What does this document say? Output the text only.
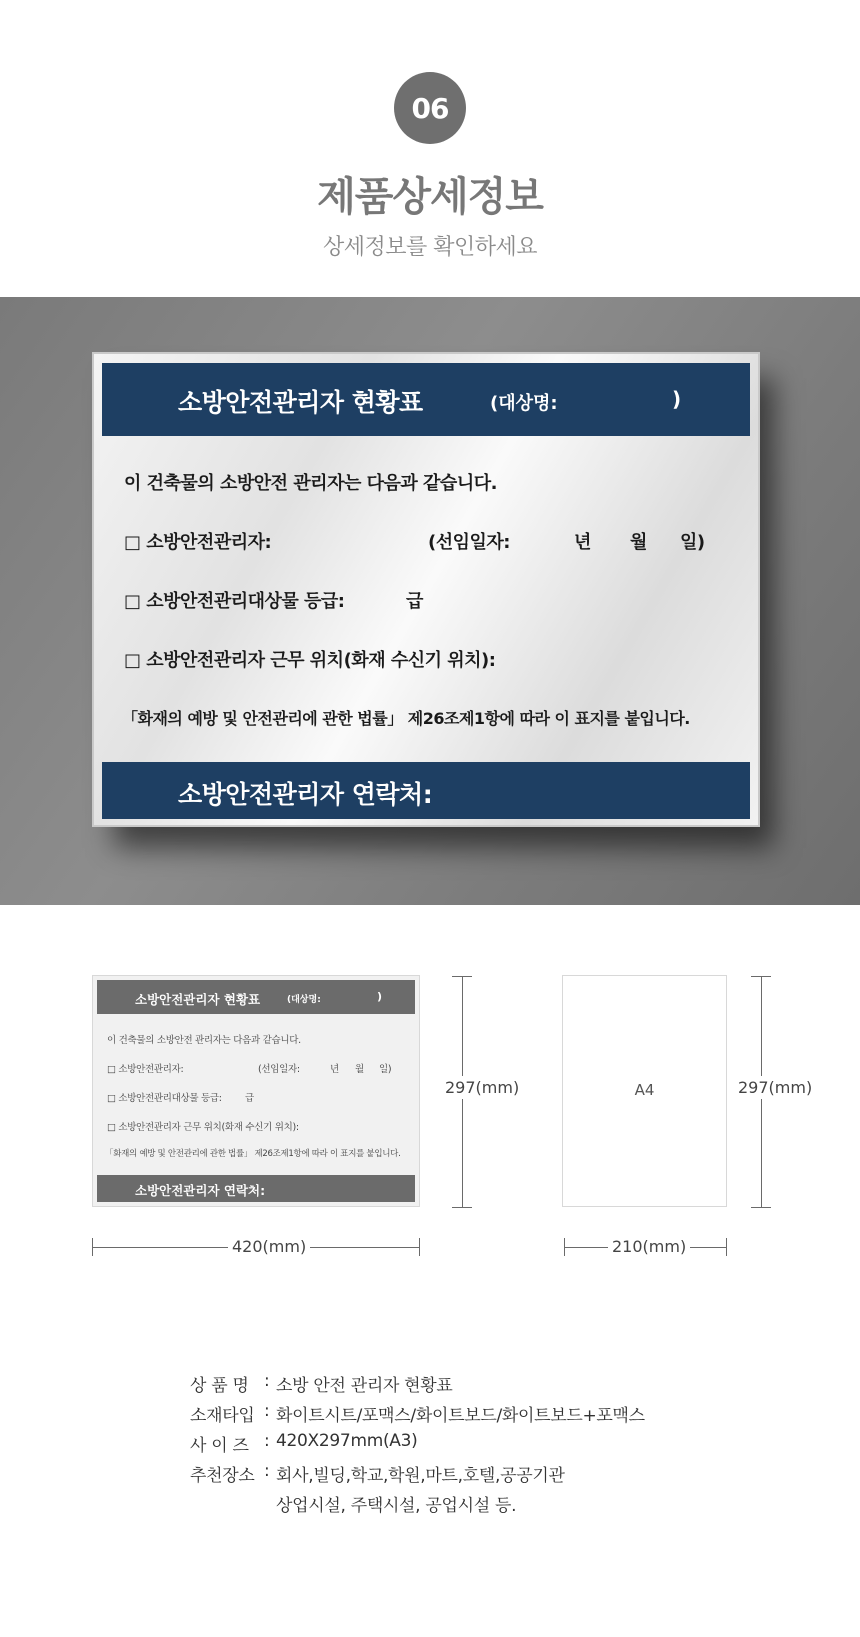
06
제품상세정보
상세정보를 확인하세요
소방안전관리자 현황표	(대상명:	)
이 건축물의 소방안전 관리자는 다음과 같습니다.
□ 소방안전관리자:	(선임일자:	년 월 일)
□ 소방안전관리대상물 등급:	급
□ 소방안전관리자 근무 위치(화재 수신기 위치):
「화재의 예방 및 안전관리에 관한 법률」 제26조제1항에 따라 이 표지를 붙입니다.
소방안전관리자 연락처:
소방안전관리자 현황표	(대상명:	)
이 건축물의 소방안전 관리자는 다음과 같습니다.
□ 소방안전관리자:	(선임일자:	년 월 일)
□ 소방안전관리대상물 등급: 급
□ 소방안전관리자 근무 위치(화재 수신기 위치):
「화재의 예방 및 안전관리에 관한 법률」 제26조제1항에 따라 이 표지를 붙입니다.
소방안전관리자 연락처:
297(mm)
420(mm)
A4	297(mm)
210(mm)
상 품 명 : 소방 안전 관리자 현황표
소재타입 : 화이트시트/포맥스/화이트보드/화이트보드+포맥스
사 이 즈 : 420X297mm(A3)
추천장소 : 회사,빌딩,학교,학원,마트,호텔,공공기관
상업시설, 주택시설, 공업시설 등.
